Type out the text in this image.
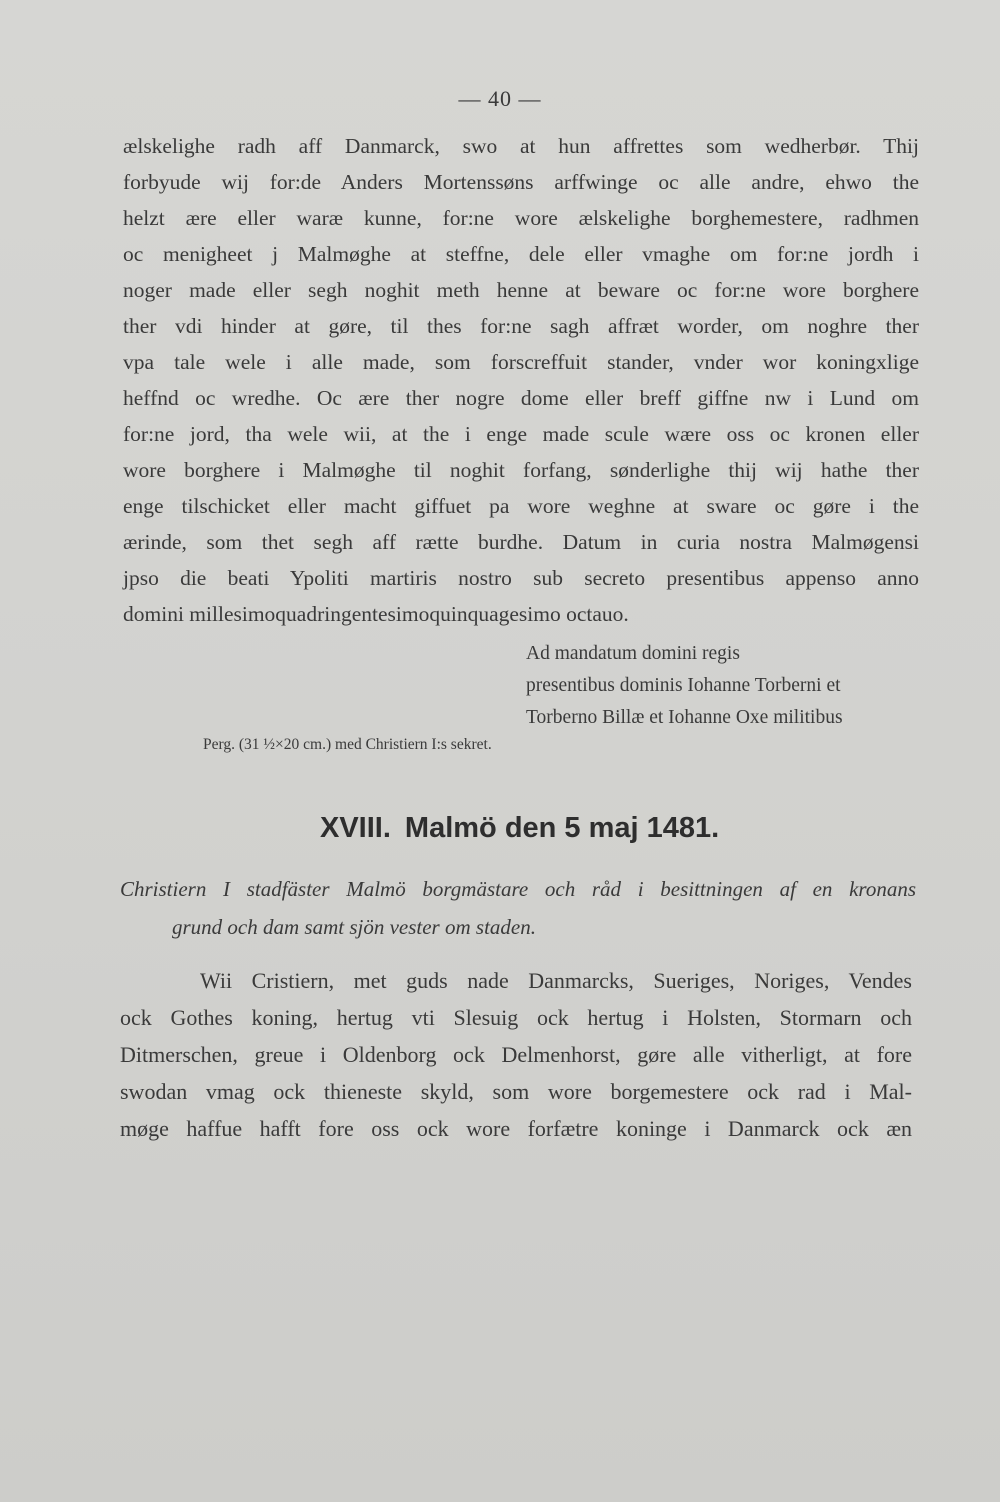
— 40 —
ælskelighe radh aff Danmarck, swo at hun affrettes som wedherbør. Thij
forbyude wij for:de Anders Mortenssøns arffwinge oc alle andre, ehwo the
helzt ære eller waræ kunne, for:ne wore ælskelighe borghemestere, radhmen
oc menigheet j Malmøghe at steffne, dele eller vmaghe om for:ne jordh i
noger made eller segh noghit meth henne at beware oc for:ne wore borghere
ther vdi hinder at gøre, til thes for:ne sagh affræt worder, om noghre ther
vpa tale wele i alle made, som forscreffuit stander, vnder wor koningxlige
heffnd oc wredhe. Oc ære ther nogre dome eller breff giffne nw i Lund om
for:ne jord, tha wele wii, at the i enge made scule wære oss oc kronen eller
wore borghere i Malmøghe til noghit forfang, sønderlighe thij wij hathe ther
enge tilschicket eller macht giffuet pa wore weghne at sware oc gøre i the
ærinde, som thet segh aff rætte burdhe. Datum in curia nostra Malmøgensi
jpso die beati Ypoliti martiris nostro sub secreto presentibus appenso anno
domini millesimoquadringentesimoquinquagesimo octauo.
Ad mandatum domini regis
presentibus dominis Iohanne Torberni et
Torberno Billæ et Iohanne Oxe militibus
Perg. (31 ½×20 cm.) med Christiern I:s sekret.
XVIII. Malmö den 5 maj 1481.
Christiern I stadfäster Malmö borgmästare och råd i besittningen af en kronans
grund och dam samt sjön vester om staden.
Wii Cristiern, met guds nade Danmarcks, Sueriges, Noriges, Vendes
ock Gothes koning, hertug vti Slesuig ock hertug i Holsten, Stormarn och
Ditmerschen, greue i Oldenborg ock Delmenhorst, gøre alle vitherligt, at fore
swodan vmag ock thieneste skyld, som wore borgemestere ock rad i Mal-
møge haffue hafft fore oss ock wore forfætre koninge i Danmarck ock æn
